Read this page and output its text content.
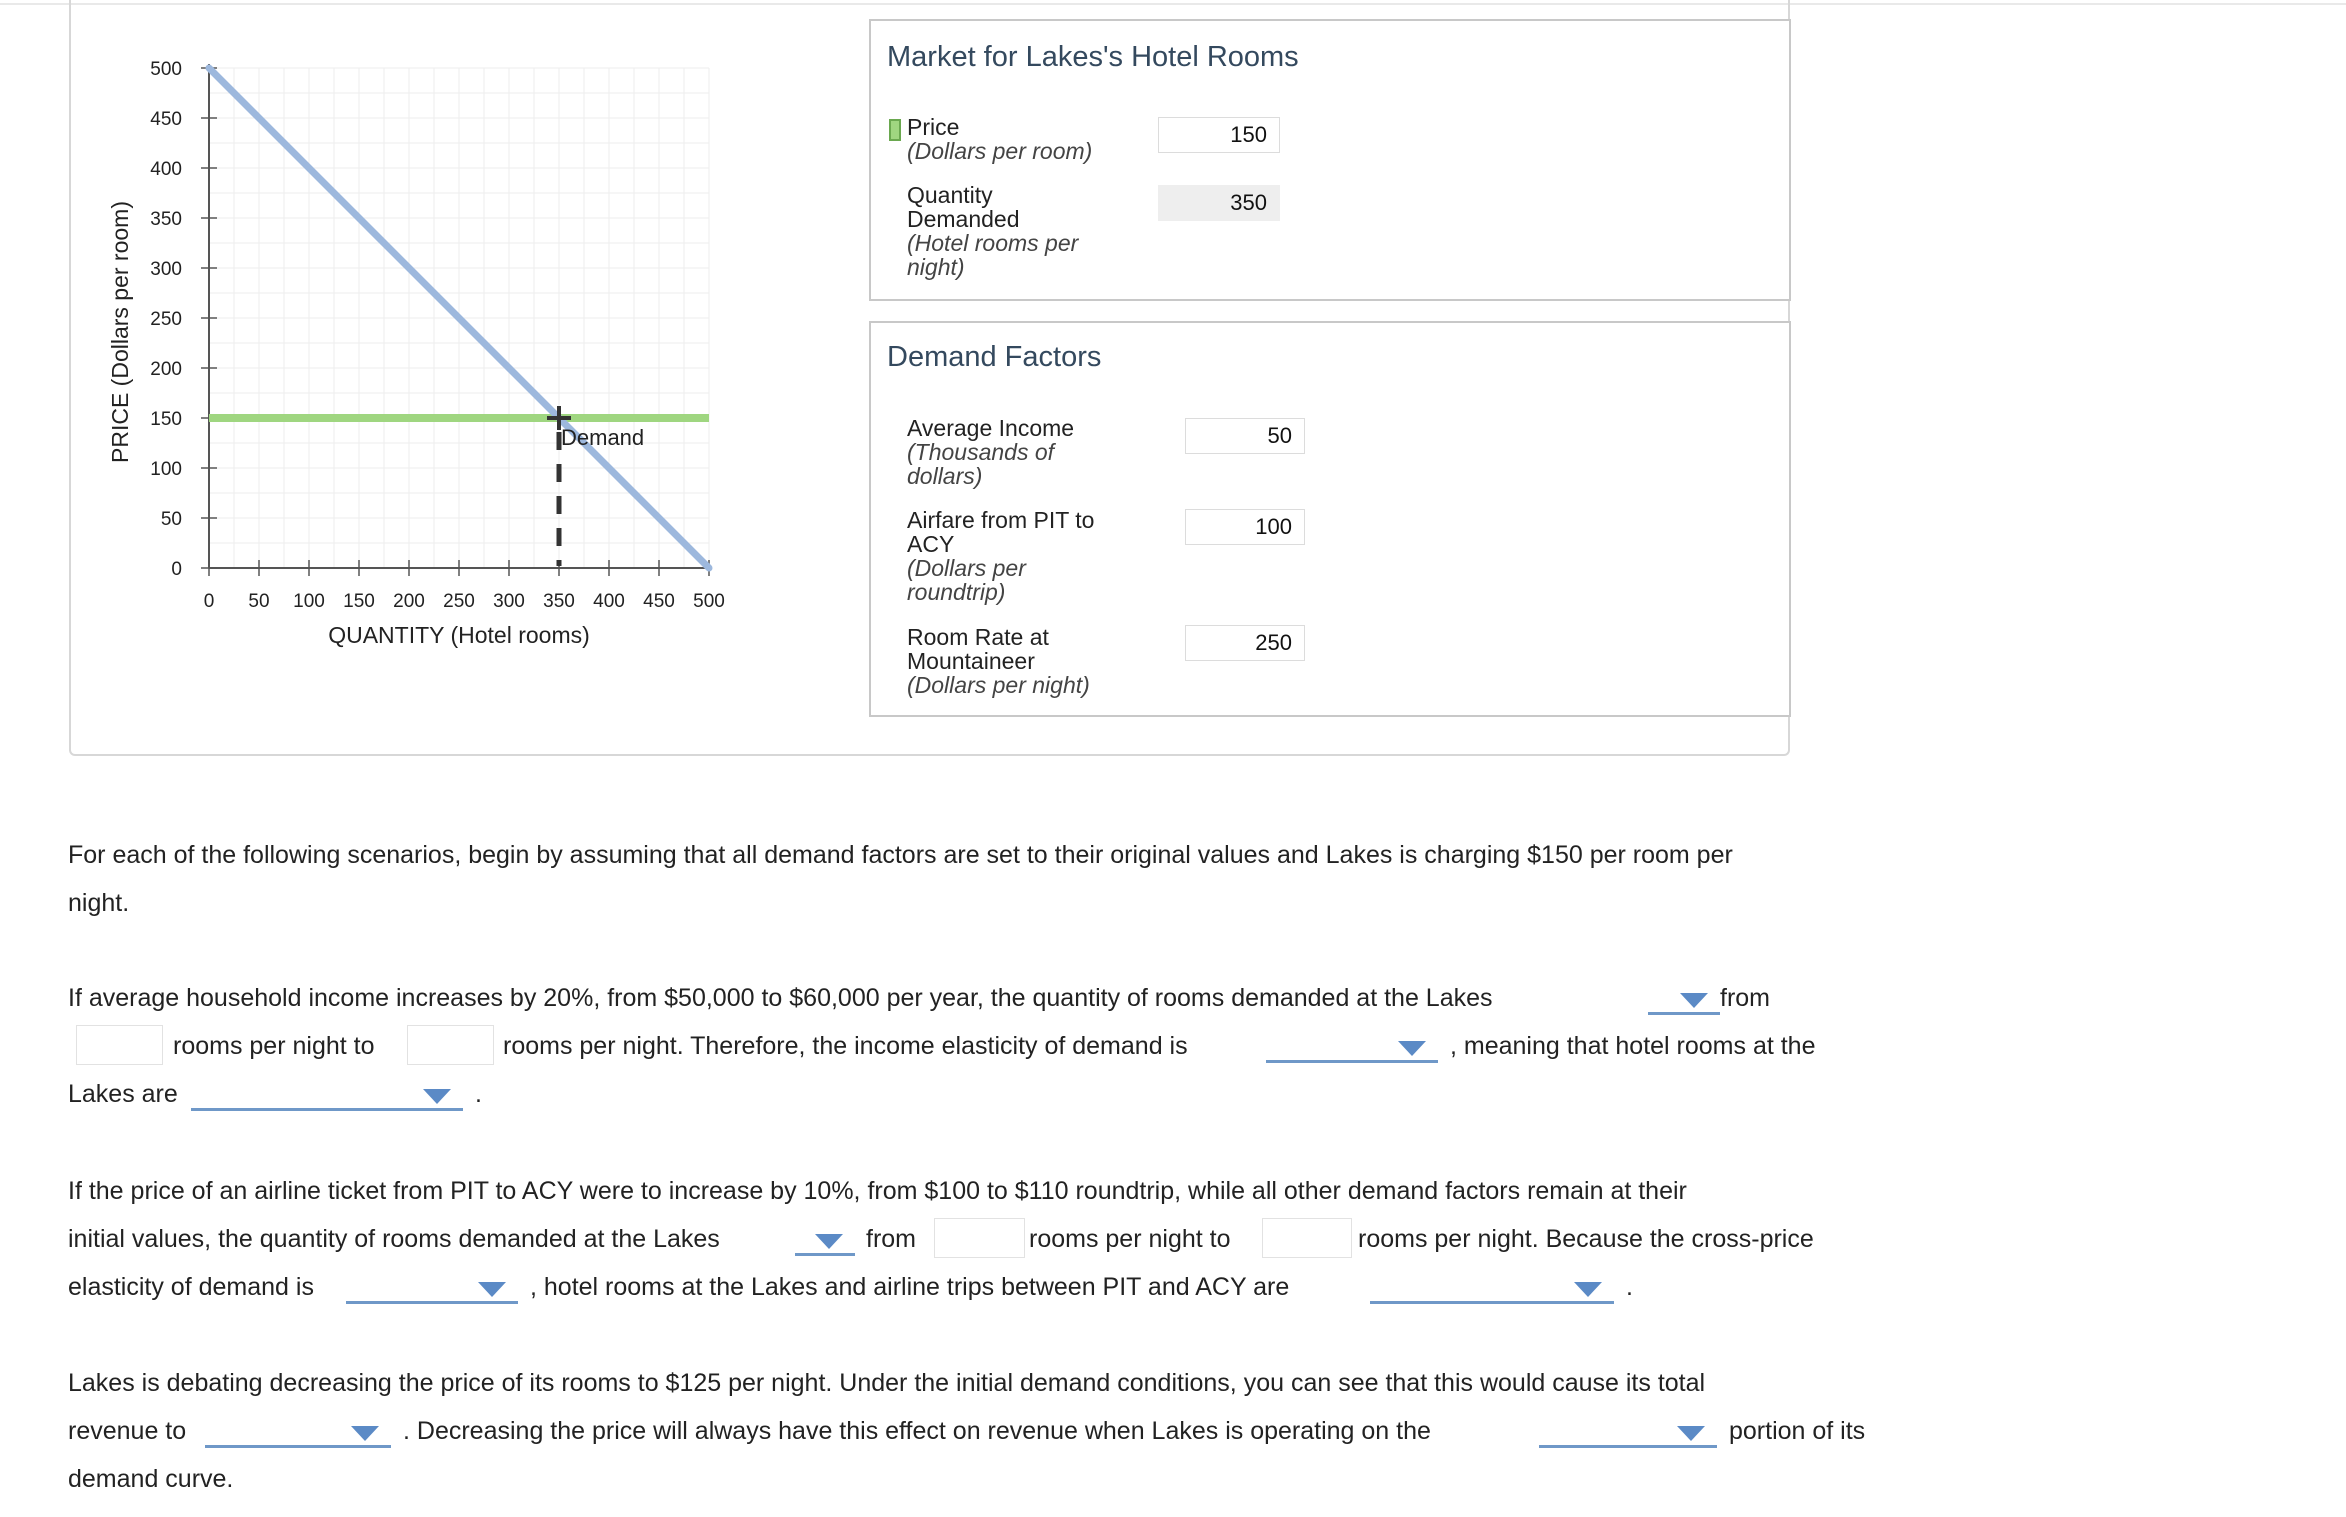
0 50 100 150 200 250 300 350 400 450 500
0
50
100
150
200
250
300
350
400
450
500
Demand
QUANTITY (Hotel rooms)
PRICE (Dollars per room)
Market for Lakes's Hotel Rooms
Price
(Dollars per room)
150
Quantity
Demanded
(Hotel rooms per
night)
350
Demand Factors
Average Income
(Thousands of
dollars)
50
Airfare from PIT to
ACY
(Dollars per
roundtrip)
100
Room Rate at
Mountaineer
(Dollars per night)
250
For each of the following scenarios, begin by assuming that all demand factors are set to their original values and Lakes is charging $150 per room per
night.
If average household income increases by 20%, from $50,000 to $60,000 per year, the quantity of rooms demanded at the Lakes	from
rooms per night to	rooms per night. Therefore, the income elasticity of demand is	, meaning that hotel rooms at the
Lakes are	.
If the price of an airline ticket from PIT to ACY were to increase by 10%, from $100 to $110 roundtrip, while all other demand factors remain at their
initial values, the quantity of rooms demanded at the Lakes	from	rooms per night to	rooms per night. Because the cross-price
elasticity of demand is	, hotel rooms at the Lakes and airline trips between PIT and ACY are	.
Lakes is debating decreasing the price of its rooms to $125 per night. Under the initial demand conditions, you can see that this would cause its total
revenue to	. Decreasing the price will always have this effect on revenue when Lakes is operating on the	portion of its
demand curve.
